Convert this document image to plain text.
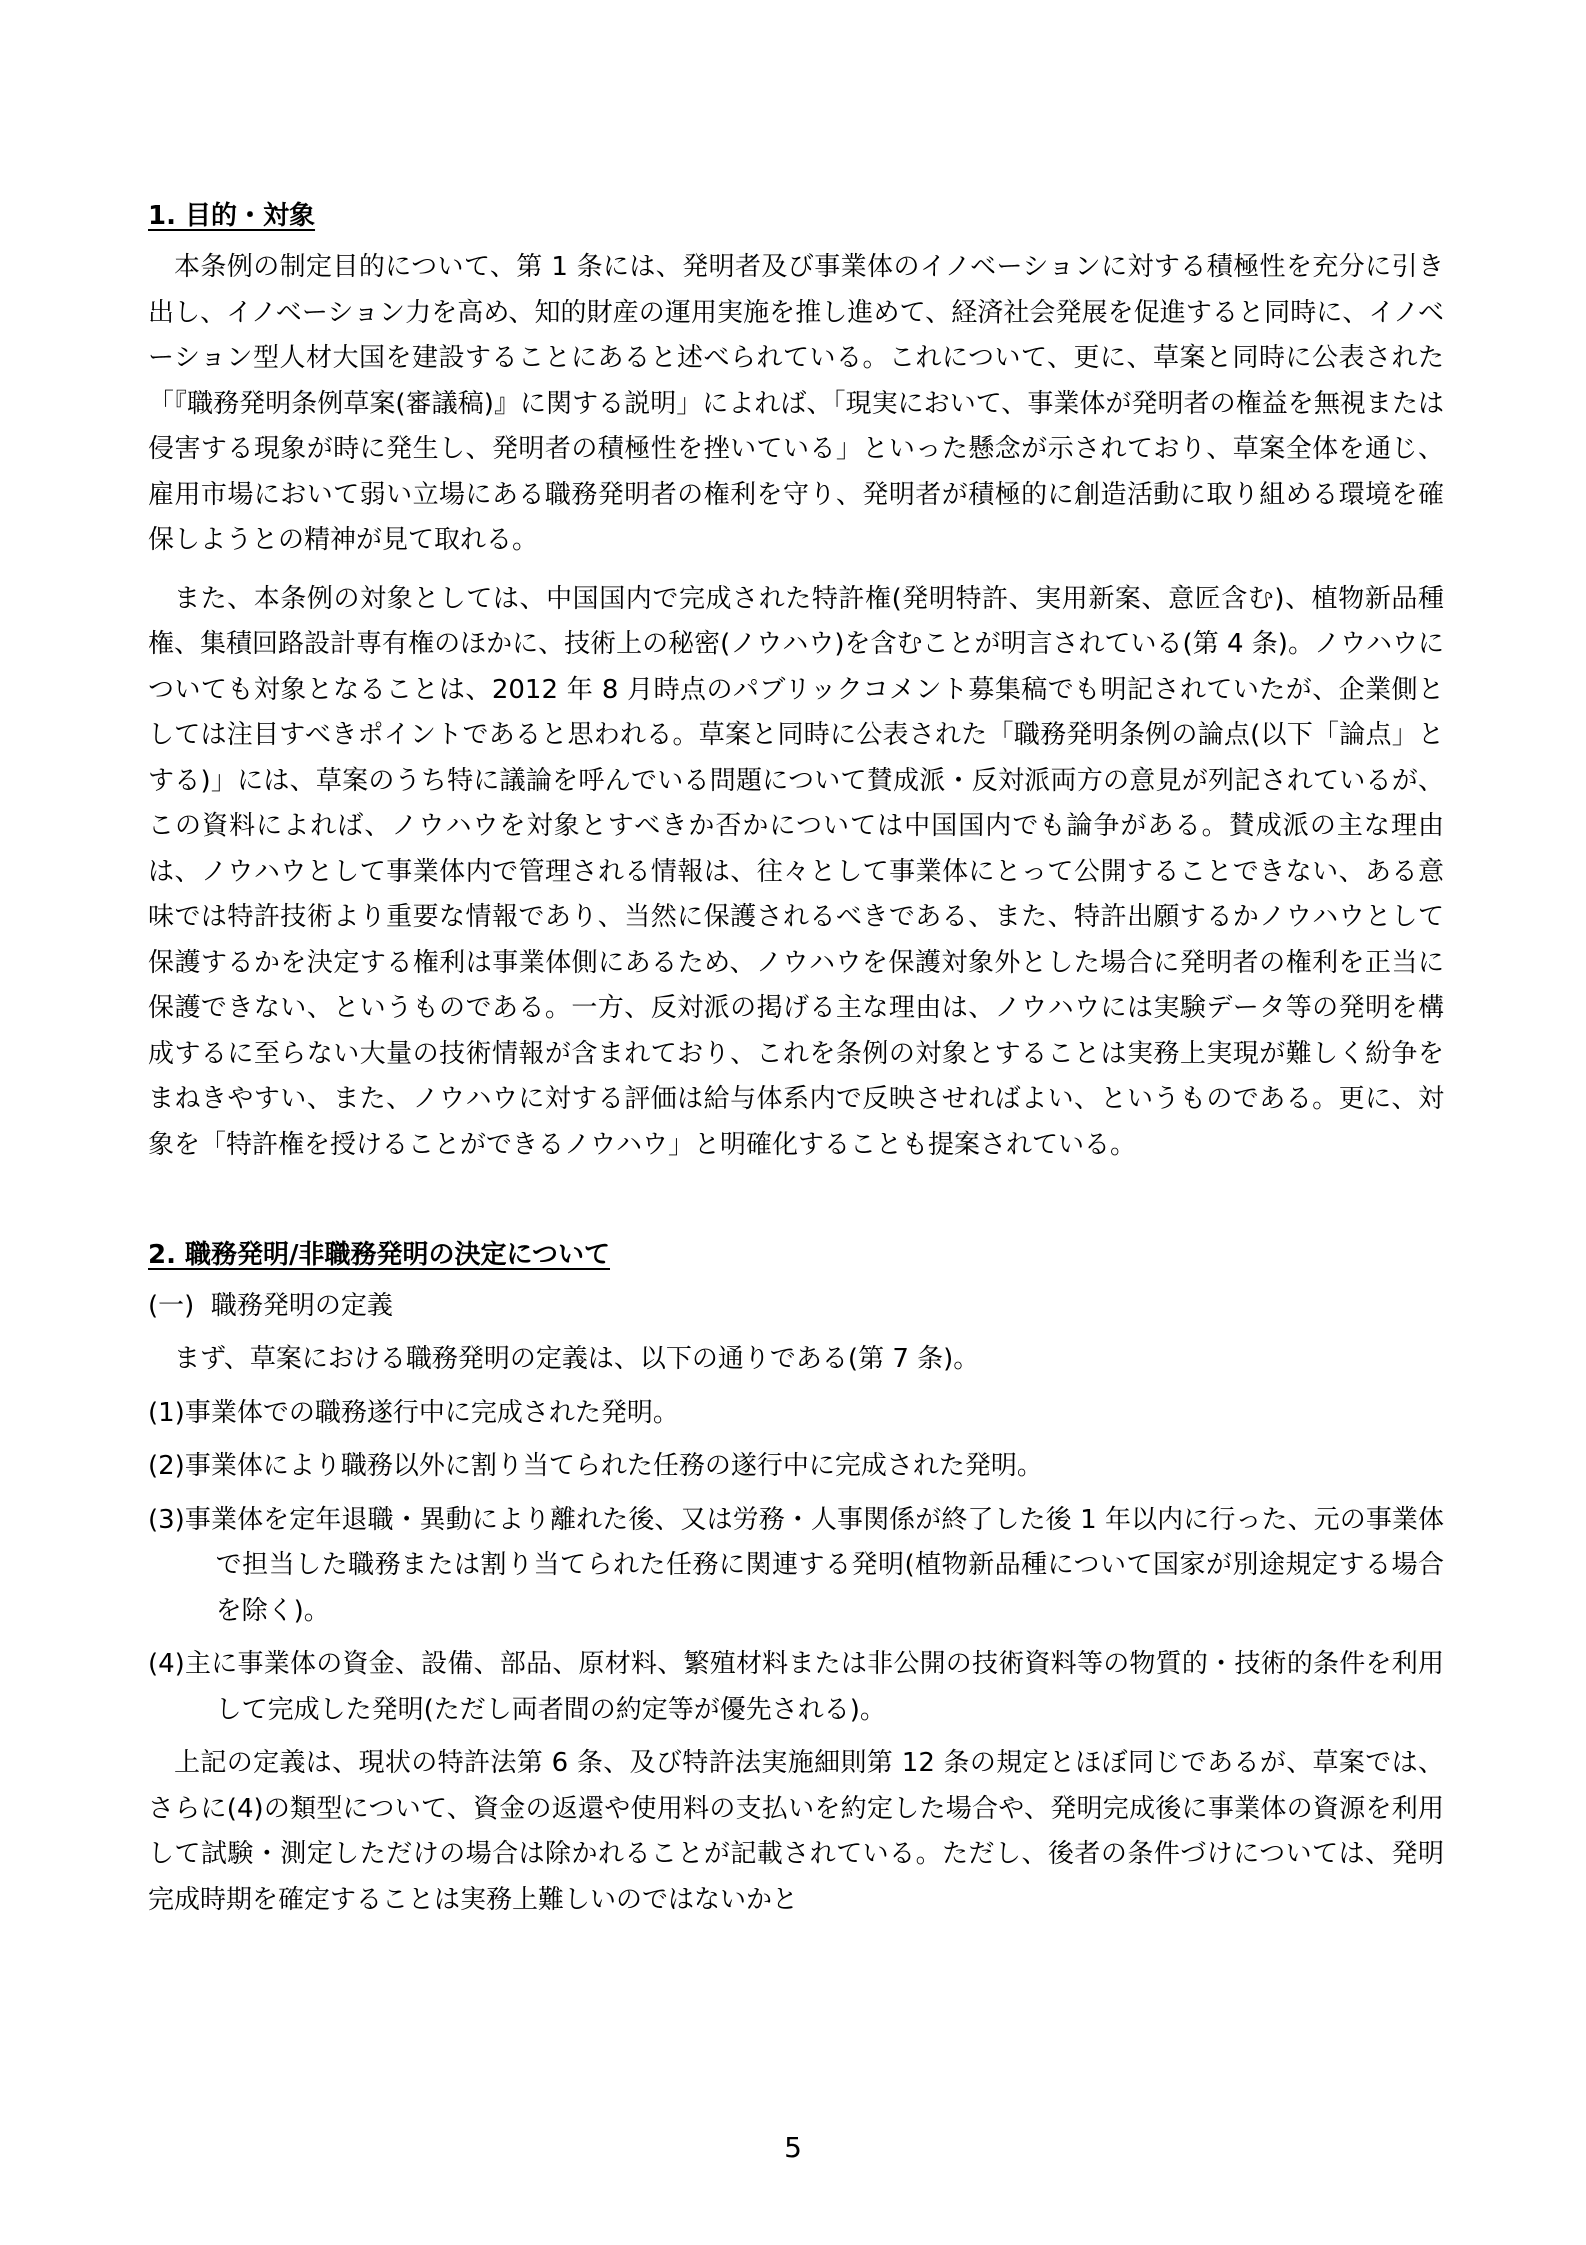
1. 目的・対象

本条例の制定目的について、第 1 条には、発明者及び事業体のイノベーションに対する積極性を充分に引き出し、イノベーション力を高め、知的財産の運用実施を推し進めて、経済社会発展を促進すると同時に、イノベーション型人材大国を建設することにあると述べられている。これについて、更に、草案と同時に公表された「『職務発明条例草案(審議稿)』に関する説明」によれば、「現実において、事業体が発明者の権益を無視または侵害する現象が時に発生し、発明者の積極性を挫いている」といった懸念が示されており、草案全体を通じ、雇用市場において弱い立場にある職務発明者の権利を守り、発明者が積極的に創造活動に取り組める環境を確保しようとの精神が見て取れる。

また、本条例の対象としては、中国国内で完成された特許権(発明特許、実用新案、意匠含む)、植物新品種権、集積回路設計専有権のほかに、技術上の秘密(ノウハウ)を含むことが明言されている(第 4 条)。ノウハウについても対象となることは、2012 年 8 月時点のパブリックコメント募集稿でも明記されていたが、企業側としては注目すべきポイントであると思われる。草案と同時に公表された「職務発明条例の論点(以下「論点」とする)」には、草案のうち特に議論を呼んでいる問題について賛成派・反対派両方の意見が列記されているが、この資料によれば、ノウハウを対象とすべきか否かについては中国国内でも論争がある。賛成派の主な理由は、ノウハウとして事業体内で管理される情報は、往々として事業体にとって公開することできない、ある意味では特許技術より重要な情報であり、当然に保護されるべきである、また、特許出願するかノウハウとして保護するかを決定する権利は事業体側にあるため、ノウハウを保護対象外とした場合に発明者の権利を正当に保護できない、というものである。一方、反対派の掲げる主な理由は、ノウハウには実験データ等の発明を構成するに至らない大量の技術情報が含まれており、これを条例の対象とすることは実務上実現が難しく紛争をまねきやすい、また、ノウハウに対する評価は給与体系内で反映させればよい、というものである。更に、対象を「特許権を授けることができるノウハウ」と明確化することも提案されている。

2. 職務発明/非職務発明の決定について

(一)  職務発明の定義

まず、草案における職務発明の定義は、以下の通りである(第 7 条)。

(1)事業体での職務遂行中に完成された発明。

(2)事業体により職務以外に割り当てられた任務の遂行中に完成された発明。

(3)事業体を定年退職・異動により離れた後、又は労務・人事関係が終了した後 1 年以内に行った、元の事業体で担当した職務または割り当てられた任務に関連する発明(植物新品種について国家が別途規定する場合を除く)。

(4)主に事業体の資金、設備、部品、原材料、繁殖材料または非公開の技術資料等の物質的・技術的条件を利用して完成した発明(ただし両者間の約定等が優先される)。

上記の定義は、現状の特許法第 6 条、及び特許法実施細則第 12 条の規定とほぼ同じであるが、草案では、さらに(4)の類型について、資金の返還や使用料の支払いを約定した場合や、発明完成後に事業体の資源を利用して試験・測定しただけの場合は除かれることが記載されている。ただし、後者の条件づけについては、発明完成時期を確定することは実務上難しいのではないかと

5
